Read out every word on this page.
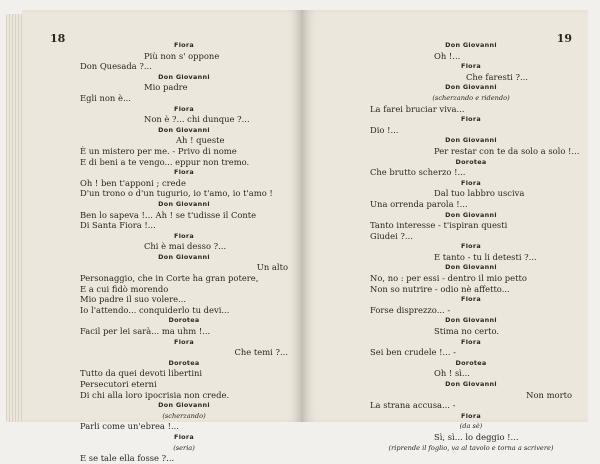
18	Flora
Più non s' oppone
Don Quesada ?...
Don Giovanni
Mio padre
Egli non è...
Flora
Non è ?... chi dunque ?...
Don Giovanni
Ah ! queste
È un mistero per me. - Privo di nome
E di beni a te vengo... eppur non tremo.
Flora
Oh ! ben t'apponi ; crede
D'un trono o d'un tugurio, io t'amo, io t'amo !
Don Giovanni
Ben lo sapeva !... Ah ! se t'udisse il Conte
Di Santa Fiora !...
Flora
Chi è mai desso ?...
Don Giovanni
Un alto
Personaggio, che in Corte ha gran potere,
E a cui fidò morendo
Mio padre il suo volere...
Io l'attendo... conquiderlo tu devi...
Dorotea
Facil per lei sarà... ma uhm !...
Flora
Che temi ?...
Dorotea
Tutto da quei devoti libertini
Persecutori eterni
Di chi alla loro ipocrisia non crede.
Don Giovanni
(scherzando)
Parli come un'ebrea !...
Flora
(seria)
E se tale ella fosse ?...
19
Don Giovanni
Oh !...
Flora
Che faresti ?...
Don Giovanni
(scherzando e ridendo)
La farei bruciar viva...
Flora
Dio !...
Don Giovanni
Per restar con te da solo a solo !...
Dorotea
Che brutto scherzo !...
Flora
Dal tuo labbro usciva
Una orrenda parola !...
Don Giovanni
Tanto interesse - t'ispiran questi
Giudei ?...
Flora
E tanto - tu li detesti ?...
Don Giovanni
No, no : per essi - dentro il mio petto
Non so nutrire - odio nè affetto...
Flora
Forse disprezzo... -
Don Giovanni
Stima no certo.
Flora
Sei ben crudele !... -
Dorotea
Oh ! sì...
Don Giovanni
Non morto
La strana accusa... -
Flora
(da sè)
Sì, sì... lo deggio !...
(riprende il foglio, va al tavolo e torna a scrivere)
